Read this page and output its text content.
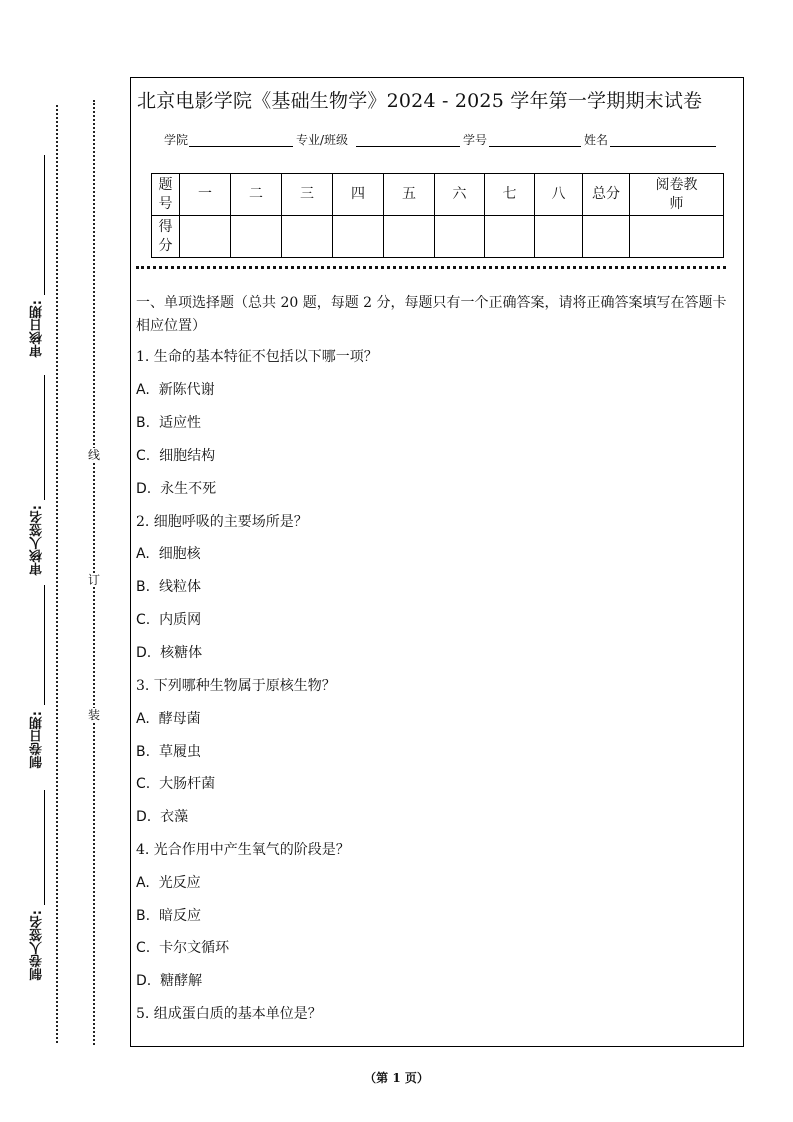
审核日期:
审核人签名:
制卷日期:
制卷人签名:
线
订
装
北京电影学院《基础生物学》2024 - 2025 学年第一学期期末试卷
学院	专业/班级	学号	姓名
题号	一	二	三	四	五	六	七	八	总分	阅卷教师
得分										
一、单项选择题（总共 20 题，每题 2 分，每题只有一个正确答案，请将正确答案填写在答题卡相应位置）
1. 生命的基本特征不包括以下哪一项？
A. 新陈代谢
B. 适应性
C. 细胞结构
D. 永生不死
2. 细胞呼吸的主要场所是？
A. 细胞核
B. 线粒体
C. 内质网
D. 核糖体
3. 下列哪种生物属于原核生物？
A. 酵母菌
B. 草履虫
C. 大肠杆菌
D. 衣藻
4. 光合作用中产生氧气的阶段是？
A. 光反应
B. 暗反应
C. 卡尔文循环
D. 糖酵解
5. 组成蛋白质的基本单位是？
（第 1 页）
